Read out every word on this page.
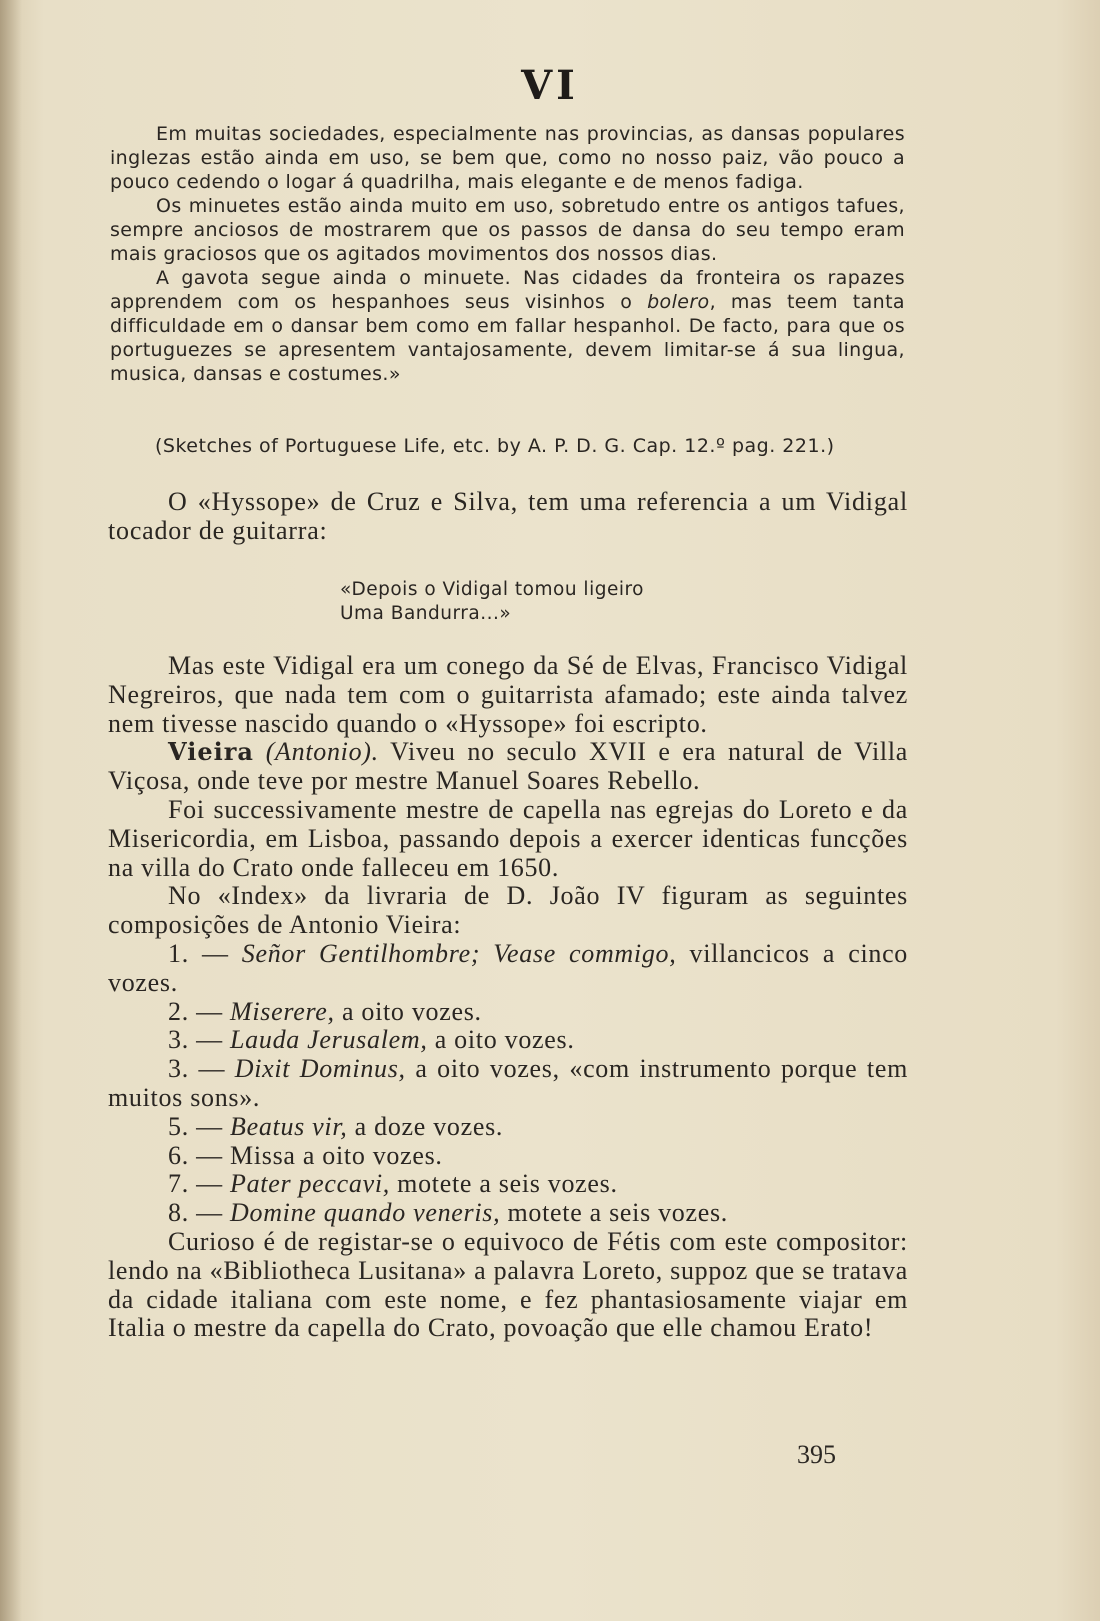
VI

Em muitas sociedades, especialmente nas provincias, as dansas populares inglezas estão ainda em uso, se bem que, como no nosso paiz, vão pouco a pouco cedendo o logar á quadrilha, mais elegante e de menos fadiga.

Os minuetes estão ainda muito em uso, sobretudo entre os antigos tafues, sempre anciosos de mostrarem que os passos de dansa do seu tempo eram mais graciosos que os agitados movimentos dos nossos dias.

A gavota segue ainda o minuete. Nas cidades da fronteira os rapazes apprendem com os hespanhoes seus visinhos o bolero, mas teem tanta difficuldade em o dansar bem como em fallar hespanhol. De facto, para que os portuguezes se apresentem vantajosamente, devem limitar-se á sua lingua, musica, dansas e costumes.»

(Sketches of Portuguese Life, etc. by A. P. D. G. Cap. 12.º pag. 221.)

O «Hyssope» de Cruz e Silva, tem uma referencia a um Vidigal tocador de guitarra:

«Depois o Vidigal tomou ligeiro
Uma Bandurra...»

Mas este Vidigal era um conego da Sé de Elvas, Francisco Vidigal Negreiros, que nada tem com o guitarrista afamado; este ainda talvez nem tivesse nascido quando o «Hyssope» foi escripto.

Vieira (Antonio). Viveu no seculo XVII e era natural de Villa Viçosa, onde teve por mestre Manuel Soares Rebello.

Foi successivamente mestre de capella nas egrejas do Loreto e da Misericordia, em Lisboa, passando depois a exercer identicas funcções na villa do Crato onde falleceu em 1650.

No «Index» da livraria de D. João IV figuram as seguintes composições de Antonio Vieira:

1. — Señor Gentilhombre; Vease commigo, villancicos a cinco vozes.

2. — Miserere, a oito vozes.

3. — Lauda Jerusalem, a oito vozes.

3. — Dixit Dominus, a oito vozes, «com instrumento porque tem muitos sons».

5. — Beatus vir, a doze vozes.

6. — Missa a oito vozes.

7. — Pater peccavi, motete a seis vozes.

8. — Domine quando veneris, motete a seis vozes.

Curioso é de registar-se o equivoco de Fétis com este compositor: lendo na «Bibliotheca Lusitana» a palavra Loreto, suppoz que se tratava da cidade italiana com este nome, e fez phantasiosamente viajar em Italia o mestre da capella do Crato, povoação que elle chamou Erato!

395
